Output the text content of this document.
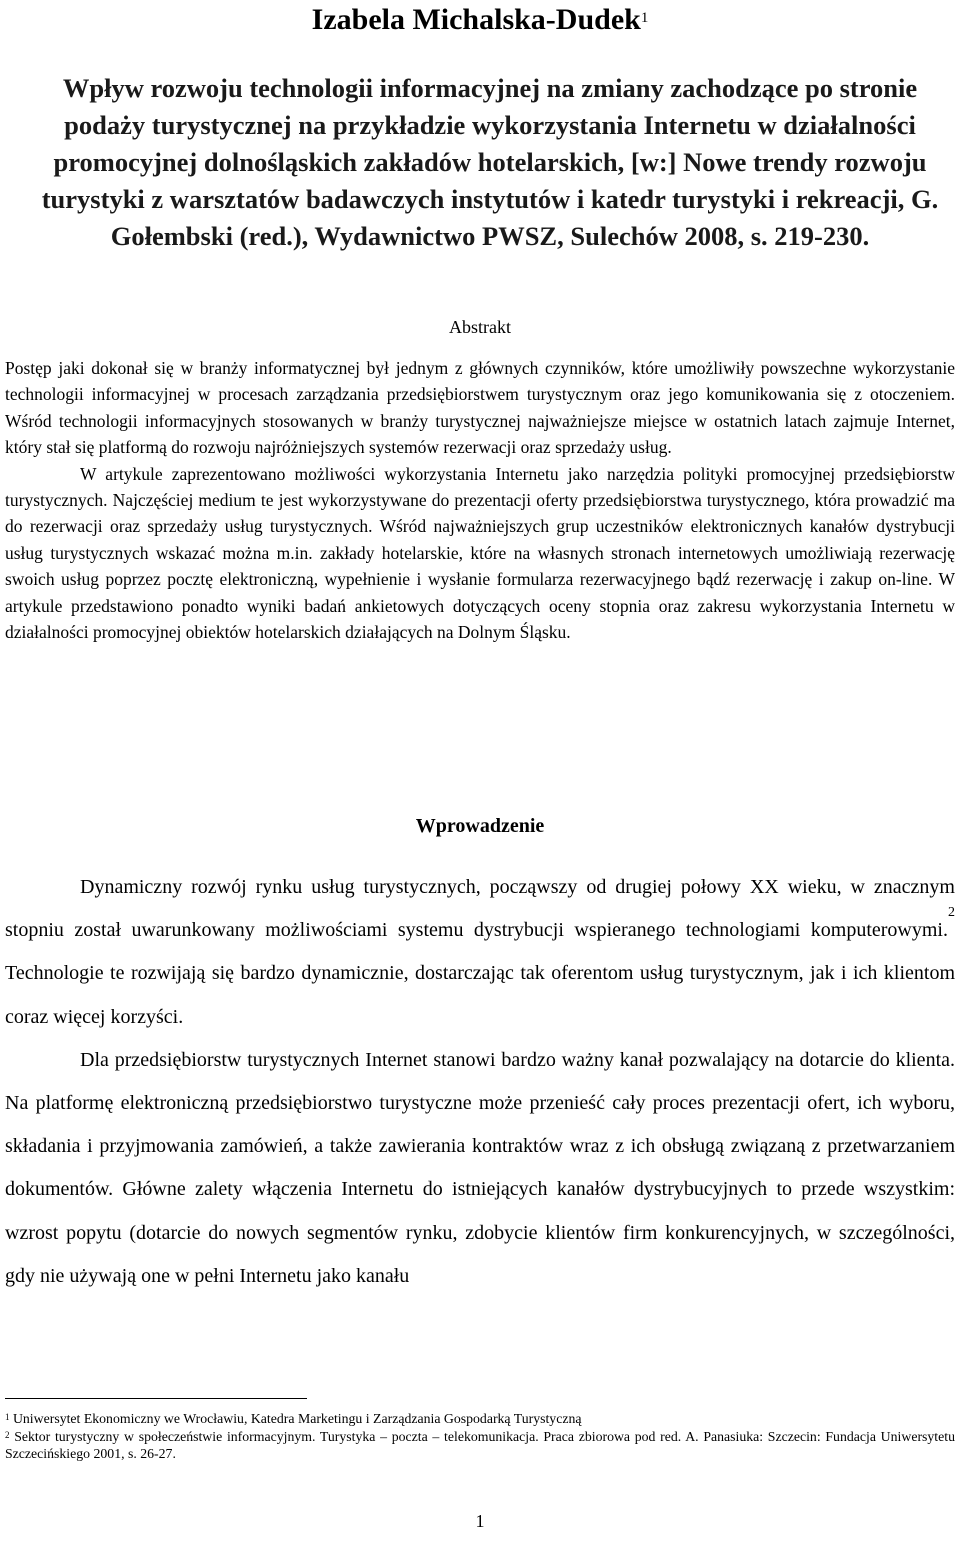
Izabela Michalska-Dudek$^1$
Wpływ rozwoju technologii informacyjnej na zmiany zachodzące po stronie podaży turystycznej na przykładzie wykorzystania Internetu w działalności promocyjnej dolnośląskich zakładów hotelarskich, [w:] Nowe trendy rozwoju turystyki z warsztatów badawczych instytutów i katedr turystyki i rekreacji, G. Gołembski (red.), Wydawnictwo PWSZ, Sulechów 2008, s. 219-230.
Abstrakt

Postęp jaki dokonał się w branży informatycznej był jednym z głównych czynników, które umożliwiły powszechne wykorzystanie technologii informacyjnej w procesach zarządzania przedsiębiorstwem turystycznym oraz jego komunikowania się z otoczeniem. Wśród technologii informacyjnych stosowanych w branży turystycznej najważniejsze miejsce w ostatnich latach zajmuje Internet, który stał się platformą do rozwoju najróżniejszych systemów rezerwacji oraz sprzedaży usług.

W artykule zaprezentowano możliwości wykorzystania Internetu jako narzędzia polityki promocyjnej przedsiębiorstw turystycznych. Najczęściej medium te jest wykorzystywane do prezentacji oferty przedsiębiorstwa turystycznego, która prowadzić ma do rezerwacji oraz sprzedaży usług turystycznych. Wśród najważniejszych grup uczestników elektronicznych kanałów dystrybucji usług turystycznych wskazać można m.in. zakłady hotelarskie, które na własnych stronach internetowych umożliwiają rezerwację swoich usług poprzez pocztę elektroniczną, wypełnienie i wysłanie formularza rezerwacyjnego bądź rezerwację i zakup on-line. W artykule przedstawiono ponadto wyniki badań ankietowych dotyczących oceny stopnia oraz zakresu wykorzystania Internetu w działalności promocyjnej obiektów hotelarskich działających na Dolnym Śląsku.

Wprowadzenie

Dynamiczny rozwój rynku usług turystycznych, począwszy od drugiej połowy XX wieku, w znacznym stopniu został uwarunkowany możliwościami systemu dystrybucji wspieranego technologiami komputerowymi.$^2$ Technologie te rozwijają się bardzo dynamicznie, dostarczając tak oferentom usług turystycznym, jak i ich klientom coraz więcej korzyści.

Dla przedsiębiorstw turystycznych Internet stanowi bardzo ważny kanał pozwalający na dotarcie do klienta. Na platformę elektroniczną przedsiębiorstwo turystyczne może przenieść cały proces prezentacji ofert, ich wyboru, składania i przyjmowania zamówień, a także zawierania kontraktów wraz z ich obsługą związaną z przetwarzaniem dokumentów. Główne zalety włączenia Internetu do istniejących kanałów dystrybucyjnych to przede wszystkim: wzrost popytu (dotarcie do nowych segmentów rynku, zdobycie klientów firm konkurencyjnych, w szczególności, gdy nie używają one w pełni Internetu jako kanału

$^1$ Uniwersytet Ekonomiczny we Wrocławiu, Katedra Marketingu i Zarządzania Gospodarką Turystyczną

$^2$ Sektor turystyczny w społeczeństwie informacyjnym. Turystyka – poczta – telekomunikacja. Praca zbiorowa pod red. A. Panasiuka: Szczecin: Fundacja Uniwersytetu Szczecińskiego 2001, s. 26-27.

1
